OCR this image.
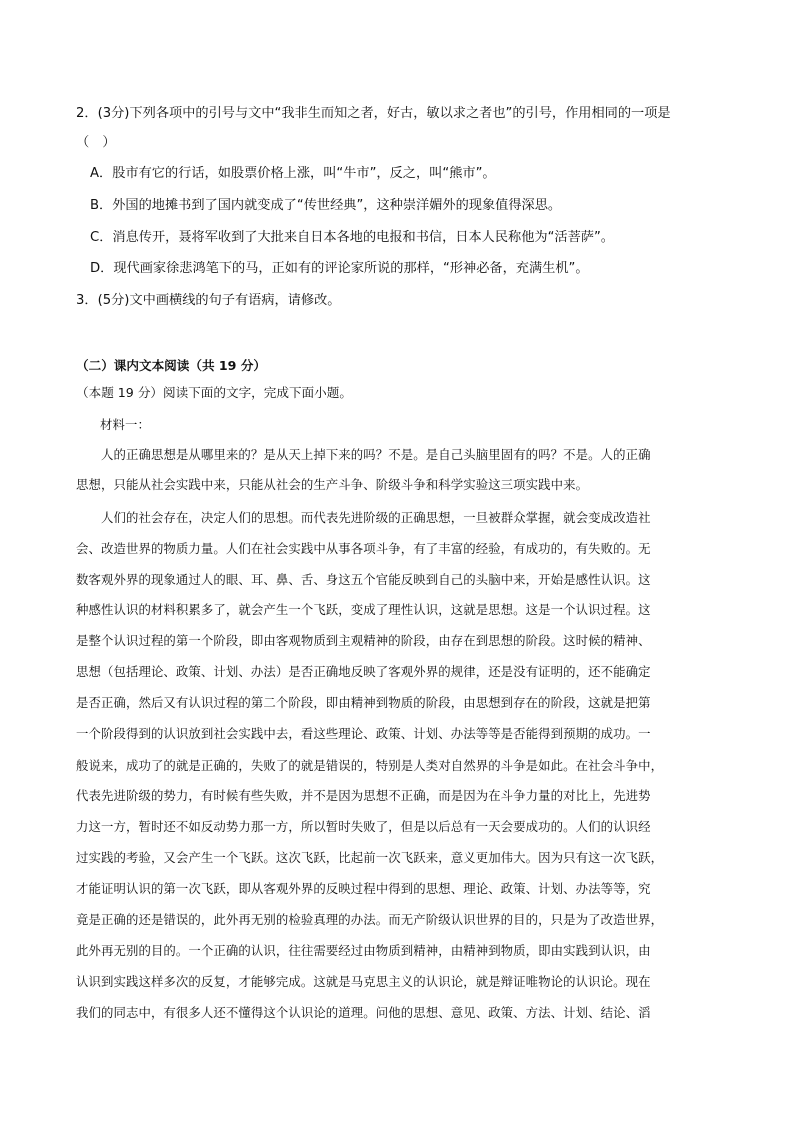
2．(3分)下列各项中的引号与文中“我非生而知之者，好古，敏以求之者也”的引号，作用相同的一项是
（　）
A．股市有它的行话，如股票价格上涨，叫“牛市”，反之，叫“熊市”。
B．外国的地摊书到了国内就变成了“传世经典”，这种崇洋媚外的现象值得深思。
C．消息传开，聂将军收到了大批来自日本各地的电报和书信，日本人民称他为“活菩萨”。
D．现代画家徐悲鸿笔下的马，正如有的评论家所说的那样，“形神必备，充满生机”。
3．(5分)文中画横线的句子有语病，请修改。
（二）课内文本阅读（共 19 分）
（本题 19 分）阅读下面的文字，完成下面小题。
材料一：
人的正确思想是从哪里来的？是从天上掉下来的吗？不是。是自己头脑里固有的吗？不是。人的正确
思想，只能从社会实践中来，只能从社会的生产斗争、阶级斗争和科学实验这三项实践中来。
人们的社会存在，决定人们的思想。而代表先进阶级的正确思想，一旦被群众掌握，就会变成改造社
会、改造世界的物质力量。人们在社会实践中从事各项斗争，有了丰富的经验，有成功的，有失败的。无
数客观外界的现象通过人的眼、耳、鼻、舌、身这五个官能反映到自己的头脑中来，开始是感性认识。这
种感性认识的材料积累多了，就会产生一个飞跃，变成了理性认识，这就是思想。这是一个认识过程。这
是整个认识过程的第一个阶段，即由客观物质到主观精神的阶段，由存在到思想的阶段。这时候的精神、
思想（包括理论、政策、计划、办法）是否正确地反映了客观外界的规律，还是没有证明的，还不能确定
是否正确，然后又有认识过程的第二个阶段，即由精神到物质的阶段，由思想到存在的阶段，这就是把第
一个阶段得到的认识放到社会实践中去，看这些理论、政策、计划、办法等等是否能得到预期的成功。一
般说来，成功了的就是正确的，失败了的就是错误的，特别是人类对自然界的斗争是如此。在社会斗争中，
代表先进阶级的势力，有时候有些失败，并不是因为思想不正确，而是因为在斗争力量的对比上，先进势
力这一方，暂时还不如反动势力那一方，所以暂时失败了，但是以后总有一天会要成功的。人们的认识经
过实践的考验，又会产生一个飞跃。这次飞跃，比起前一次飞跃来，意义更加伟大。因为只有这一次飞跃，
才能证明认识的第一次飞跃，即从客观外界的反映过程中得到的思想、理论、政策、计划、办法等等，究
竟是正确的还是错误的，此外再无别的检验真理的办法。而无产阶级认识世界的目的，只是为了改造世界，
此外再无别的目的。一个正确的认识，往往需要经过由物质到精神，由精神到物质，即由实践到认识，由
认识到实践这样多次的反复，才能够完成。这就是马克思主义的认识论，就是辩证唯物论的认识论。现在
我们的同志中，有很多人还不懂得这个认识论的道理。问他的思想、意见、政策、方法、计划、结论、滔
